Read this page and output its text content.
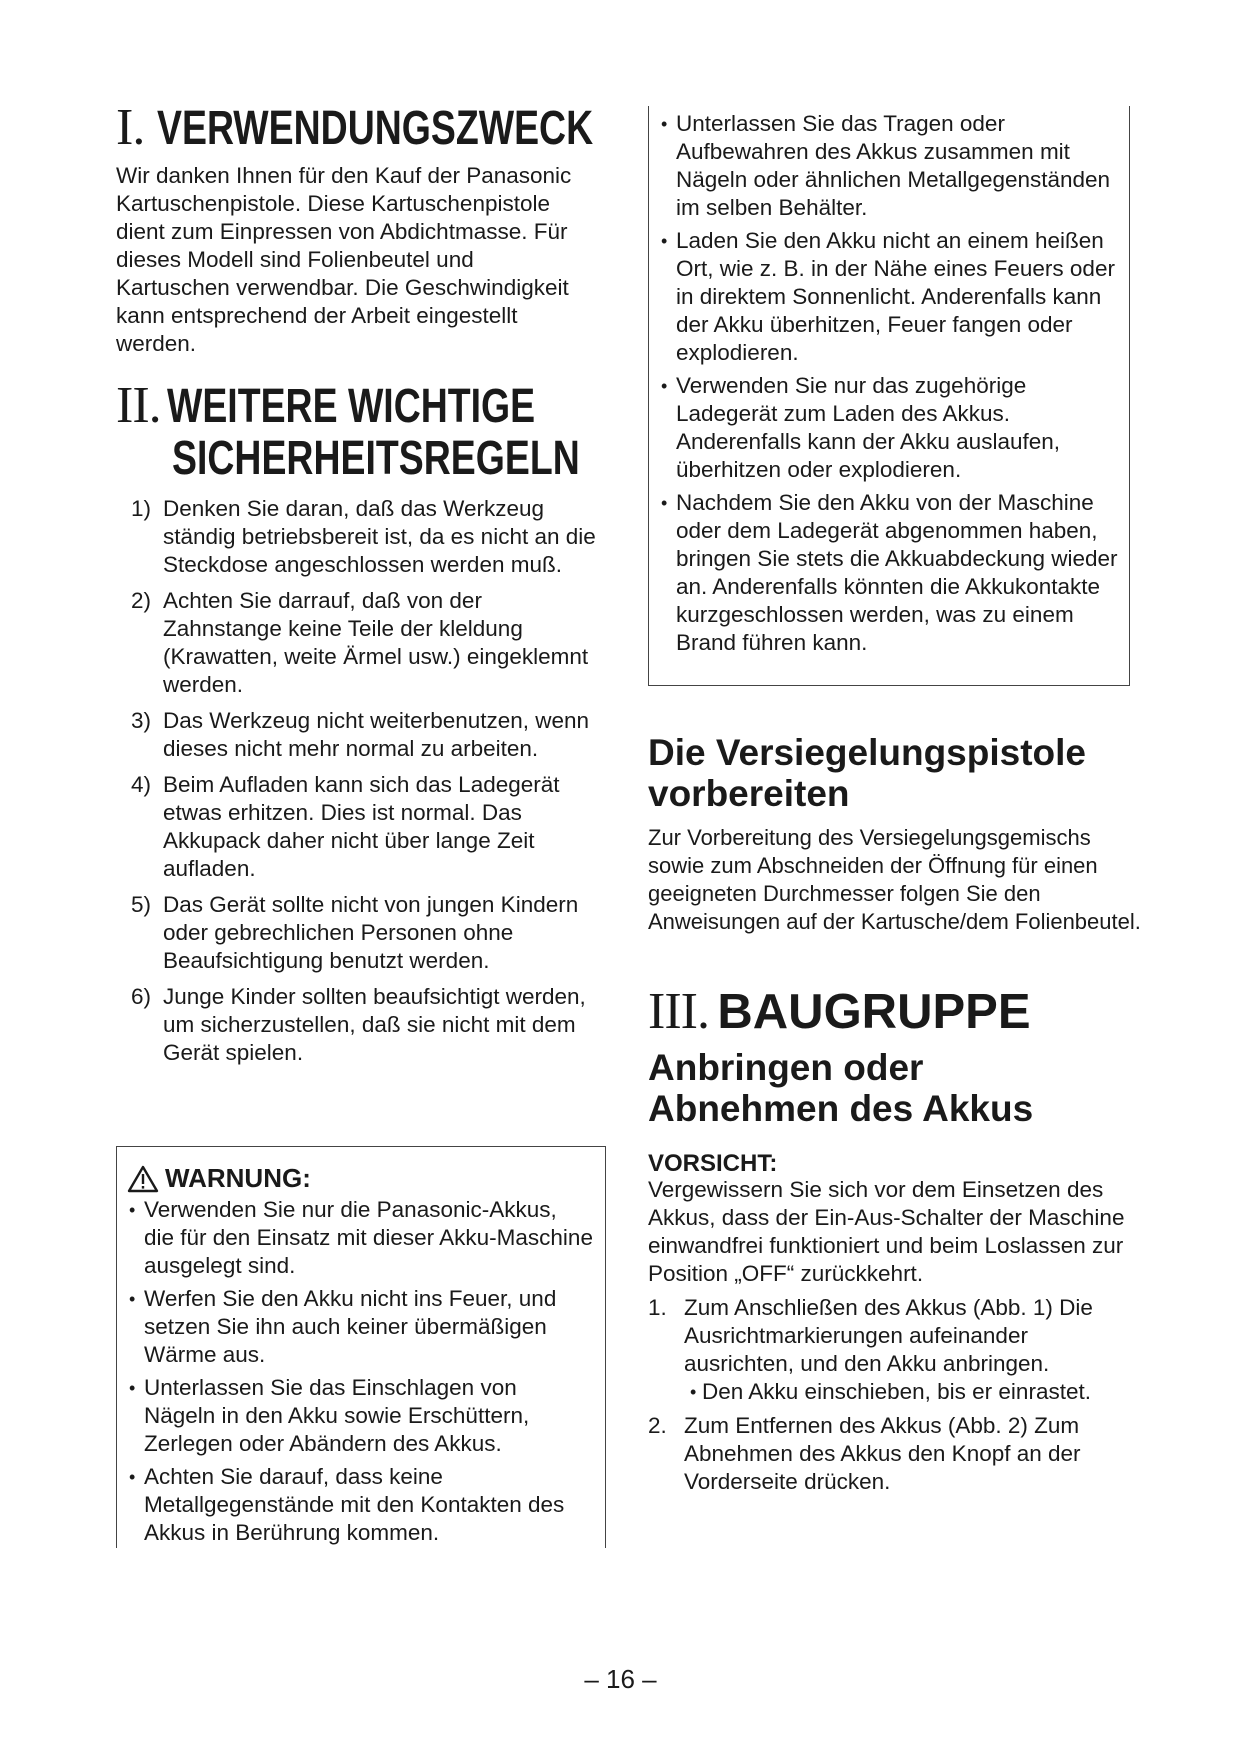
I. VERWENDUNGSZWECK

Wir danken Ihnen für den Kauf der Panasonic Kartuschenpistole. Diese Kartuschenpistole dient zum Einpressen von Abdichtmasse. Für dieses Modell sind Folienbeutel und Kartuschen verwendbar. Die Geschwindigkeit kann entsprechend der Arbeit eingestellt werden.

II. WEITERE WICHTIGE
SICHERHEITSREGELN
1) Denken Sie daran, daß das Werkzeug ständig betriebsbereit ist, da es nicht an die Steckdose angeschlossen werden muß.
2) Achten Sie darrauf, daß von der Zahnstange keine Teile der kleldung (Krawatten, weite Ärmel usw.) eingeklemnt werden.
3) Das Werkzeug nicht weiterbenutzen, wenn dieses nicht mehr normal zu arbeiten.
4) Beim Aufladen kann sich das Ladegerät etwas erhitzen. Dies ist normal. Das Akkupack daher nicht über lange Zeit aufladen.
5) Das Gerät sollte nicht von jungen Kindern oder gebrechlichen Personen ohne Beaufsichtigung benutzt werden.
6) Junge Kinder sollten beaufsichtigt werden, um sicherzustellen, daß sie nicht mit dem Gerät spielen.
WARNUNG:
• Verwenden Sie nur die Panasonic-Akkus, die für den Einsatz mit dieser Akku-Maschine ausgelegt sind.
• Werfen Sie den Akku nicht ins Feuer, und setzen Sie ihn auch keiner übermäßigen Wärme aus.
• Unterlassen Sie das Einschlagen von Nägeln in den Akku sowie Erschüttern, Zerlegen oder Abändern des Akkus.
• Achten Sie darauf, dass keine Metallgegenstände mit den Kontakten des Akkus in Berührung kommen.
• Unterlassen Sie das Tragen oder Aufbewahren des Akkus zusammen mit Nägeln oder ähnlichen Metallgegenständen im selben Behälter.
• Laden Sie den Akku nicht an einem heißen Ort, wie z. B. in der Nähe eines Feuers oder in direktem Sonnenlicht. Anderenfalls kann der Akku überhitzen, Feuer fangen oder explodieren.
• Verwenden Sie nur das zugehörige Ladegerät zum Laden des Akkus. Anderenfalls kann der Akku auslaufen, überhitzen oder explodieren.
• Nachdem Sie den Akku von der Maschine oder dem Ladegerät abgenommen haben, bringen Sie stets die Akkuabdeckung wieder an. Anderenfalls könnten die Akkukontakte kurzgeschlossen werden, was zu einem Brand führen kann.
Die Versiegelungspistole
vorbereiten

Zur Vorbereitung des Versiegelungsgemischs sowie zum Abschneiden der Öffnung für einen geeigneten Durchmesser folgen Sie den Anweisungen auf der Kartusche/dem Folienbeutel.

III. BAUGRUPPE
Anbringen oder
Abnehmen des Akkus
VORSICHT:

Vergewissern Sie sich vor dem Einsetzen des Akkus, dass der Ein-Aus-Schalter der Maschine einwandfrei funktioniert und beim Loslassen zur Position „OFF“ zurückkehrt.

1. Zum Anschließen des Akkus (Abb. 1) Die Ausrichtmarkierungen aufeinander ausrichten, und den Akku anbringen.
• Den Akku einschieben, bis er einrastet.
2. Zum Entfernen des Akkus (Abb. 2) Zum Abnehmen des Akkus den Knopf an der Vorderseite drücken.
– 16 –
